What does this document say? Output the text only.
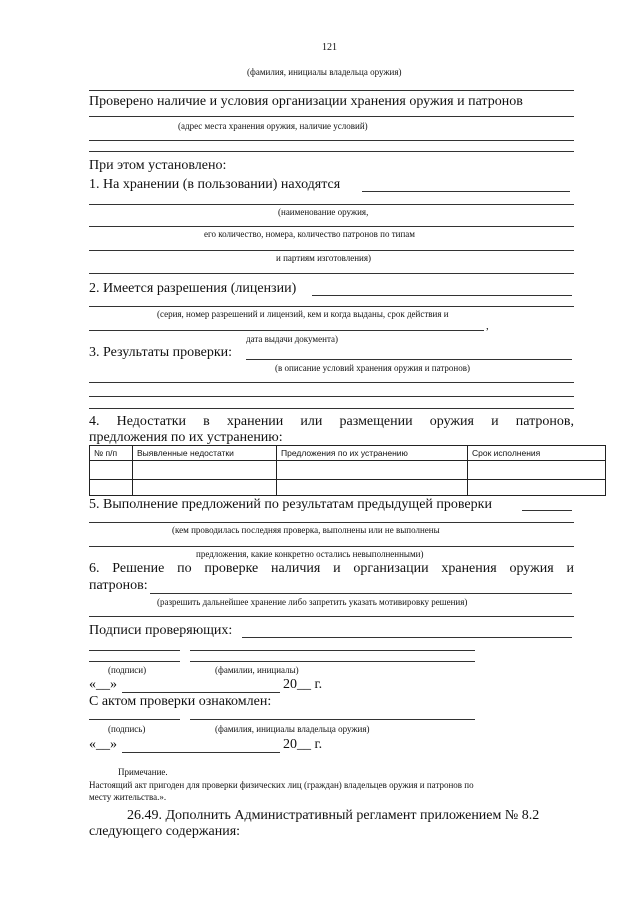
121
(фамилия, инициалы владельца оружия)
Проверено наличие и условия организации хранения оружия и патронов
(адрес места хранения оружия, наличие условий)
При этом установлено:
1. На хранении (в пользовании) находятся
(наименование оружия,
его количество, номера, количество патронов по типам
и партиям изготовления)
2. Имеется разрешения (лицензии)
(серия, номер разрешений и лицензий, кем и когда выданы, срок действия и
,
дата выдачи документа)
3. Результаты проверки:
(в описание условий хранения оружия и патронов)
4. Недостатки в хранении или размещении оружия и патронов,
предложения по их устранению:
№ п/п	Выявленные недостатки	Предложения по их устранению	Срок исполнения

5. Выполнение предложений по результатам предыдущей проверки
(кем проводилась последняя проверка, выполнены или не выполнены
предложения, какие конкретно остались невыполненными)
6. Решение по проверке наличия и организации хранения оружия и
патронов:
(разрешить дальнейшее хранение либо запретить указать мотивировку решения)
Подписи проверяющих:
(подписи)	(фамилии, инициалы)
«__»	20__ г.
С актом проверки ознакомлен:
(подпись)	(фамилия, инициалы владельца оружия)
«__»	20__ г.
Примечание.
Настоящий акт пригоден для проверки физических лиц (граждан) владельцев оружия и патронов по
месту жительства.».
26.49. Дополнить Административный регламент приложением № 8.2
следующего содержания:
